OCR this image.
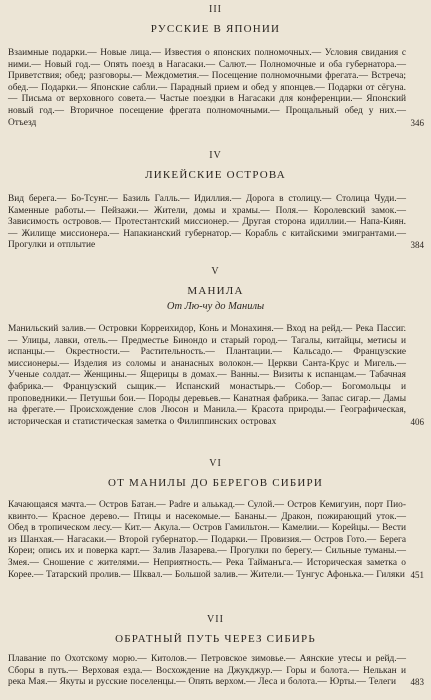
III
РУССКИЕ В ЯПОНИИ

Взаимные подарки.— Новые лица.— Известия о японских полномочных.— Условия свидания с ними.— Новый год.— Опять поезд в Нагасаки.— Салют.— Полномочные и оба губернатора.— Приветствия; обед; разговоры.— Междометия.— Посещение полномочными фрегата.— Встреча; обед.— Подарки.— Японские сабли.— Парадный прием и обед у японцев.— Подарки от сёгуна.— Письма от верховного совета.— Частые поездки в Нагасаки для конференции.— Японский новый год.— Вторичное посещение фрегата полномочными.— Прощальный обед у них.— Отъезд	346
IV
ЛИКЕЙСКИЕ ОСТРОВА

Вид берега.— Бо-Тсунг.— Базиль Галль.— Идиллия.— Дорога в столицу.— Столица Чуди.— Каменные работы.— Пейзажи.— Жители, домы и храмы.— Поля.— Королевский замок.— Зависимость островов.— Протестантский миссионер.— Другая сторона идиллии.— Напа-Киян.— Жилище миссионера.— Напакианский губернатор.— Корабль с китайскими эмигрантами.— Прогулки и отплытие	384
V
МАНИЛА
От Лю-чу до Манилы

Манильский залив.— Островки Корреихидор, Конь и Монахиня.— Вход на рейд.— Река Пассиг.— Улицы, лавки, отель.— Предместье Бинондо и старый город.— Тагалы, китайцы, метисы и испанцы.— Окрестности.— Растительность.— Плантации.— Кальсадо.— Французские миссионеры.— Изделия из соломы и ананасных волокон.— Церкви Санта-Крус и Мигель.— Ученые солдат.— Женщины.— Ящерицы в домах.— Ванны.— Визиты к испанцам.— Табачная фабрика.— Французский сыщик.— Испанский монастырь.— Собор.— Богомольцы и проповедники.— Петушьи бои.— Породы деревьев.— Канатная фабрика.— Запас сигар.— Дамы на фрегате.— Происхождение слов Люсон и Манила.— Красота природы.— Географическая, историческая и статистическая заметка о Филиппинских островах	406
VI
ОТ МАНИЛЫ ДО БЕРЕГОВ СИБИРИ

Качающаяся мачта.— Остров Батан.— Padre и альькад.— Сулой.— Остров Кемигуин, порт Пио-квинто.— Красное дерево.— Птицы и насекомые.— Бананы.— Дракон, пожирающий уток.— Обед в тропическом лесу.— Кит.— Акула.— Остров Гамильтон.— Камелии.— Корейцы.— Вести из Шанхая.— Нагасаки.— Второй губернатор.— Подарки.— Провизия.— Остров Гото.— Берега Кореи; опись их и поверка карт.— Залив Лазарева.— Прогулки по берегу.— Сильные туманы.— Змея.— Сношение с жителями.— Неприятность.— Река Тайманъга.— Историческая заметка о Корее.— Татарский пролив.— Шквал.— Большой залив.— Жители.— Тунгус Афонька.— Гиляки 451
VII
ОБРАТНЫЙ ПУТЬ ЧЕРЕЗ СИБИРЬ

Плавание по Охотскому морю.— Китолов.— Петровское зимовье.— Аянские утесы и рейд.— Сборы в путь.— Верховая езда.— Восхождение на Джукджур.— Горы и болота.— Нелькан и река Мая.— Якуты и русские поселенцы.— Опять верхом.— Леса и болота.— Юрты.— Телеги	483
